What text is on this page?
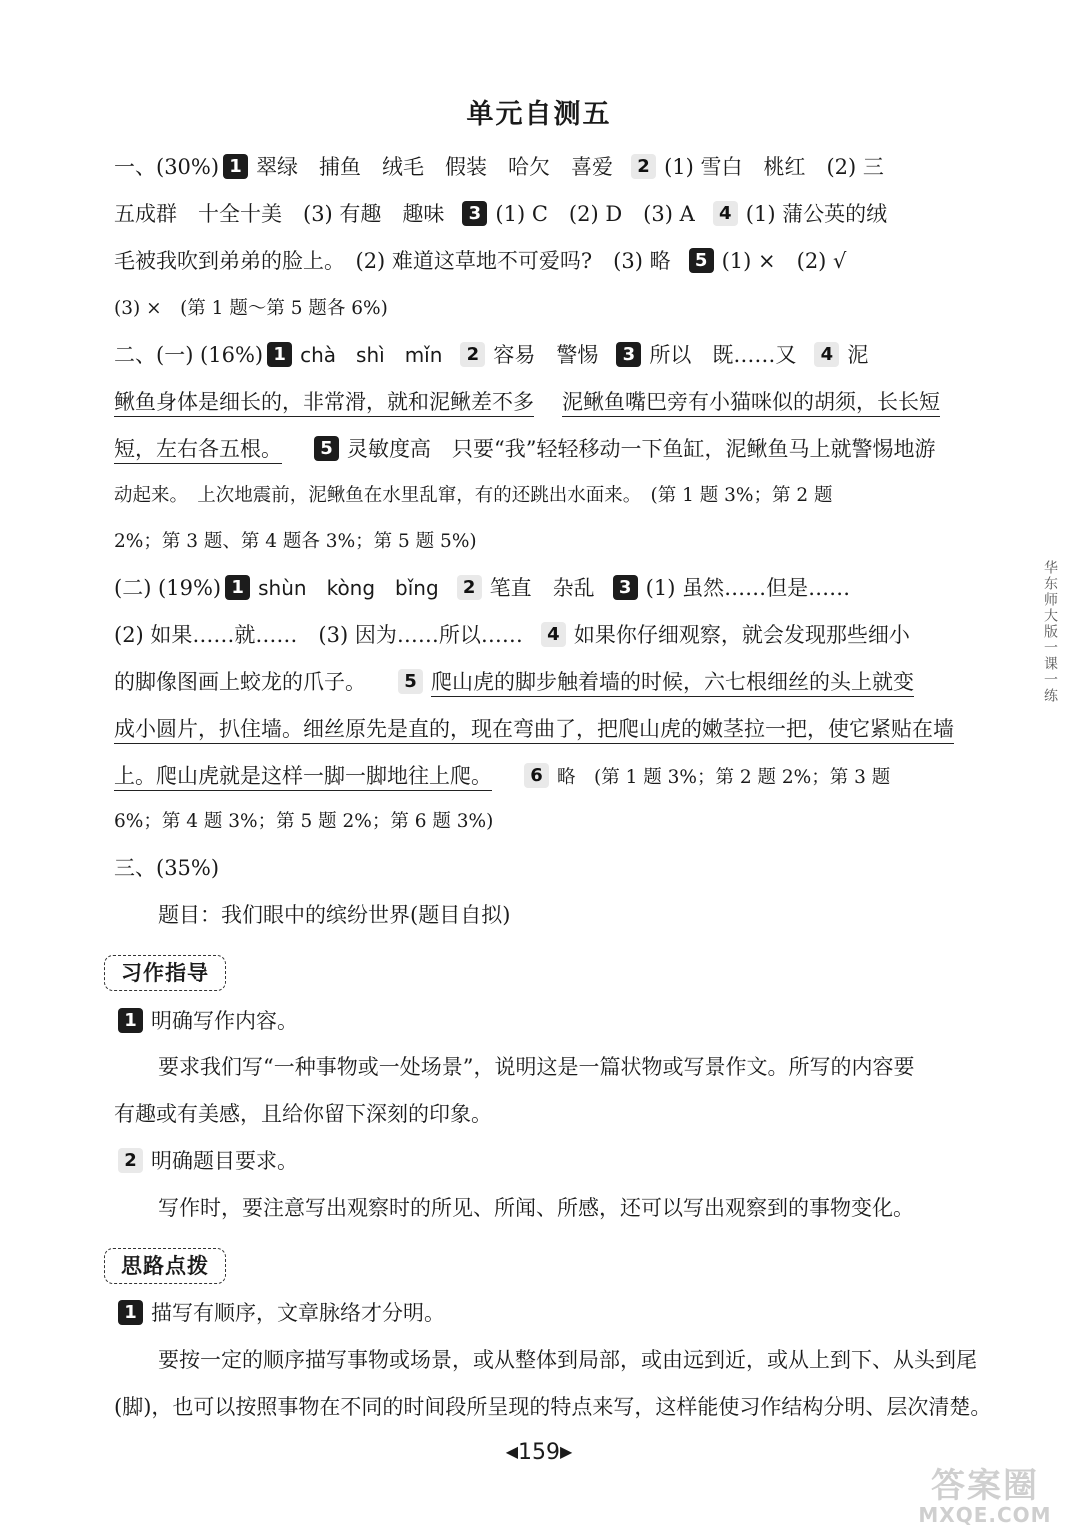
单元自测五
一、(30%) 1 翠绿　捕鱼　绒毛　假装　哈欠　喜爱 2 (1) 雪白　桃红　(2) 三
五成群　十全十美　(3) 有趣　趣味 3 (1) C　(2) D　(3) A 4 (1) 蒲公英的绒
毛被我吹到弟弟的脸上。　(2) 难道这草地不可爱吗?　(3) 略 5 (1) ×　(2) √
(3) ×　(第 1 题～第 5 题各 6%)
二、(一) (16%) 1 chà　shì　mǐn 2 容易　警惕 3 所以　既……又 4 泥
鳅鱼身体是细长的，非常滑，就和泥鳅差不多 泥鳅鱼嘴巴旁有小猫咪似的胡须，长长短
短，左右各五根。 5 灵敏度高　只要“我”轻轻移动一下鱼缸，泥鳅鱼马上就警惕地游
动起来。　上次地震前，泥鳅鱼在水里乱窜，有的还跳出水面来。　(第 1 题 3%；第 2 题
2%；第 3 题、第 4 题各 3%；第 5 题 5%)
(二) (19%) 1 shùn　kòng　bǐng 2 笔直　杂乱 3 (1) 虽然……但是……
(2) 如果……就……　(3) 因为……所以…… 4 如果你仔细观察，就会发现那些细小
的脚像图画上蛟龙的爪子。 5 爬山虎的脚步触着墙的时候，六七根细丝的头上就变
成小圆片，扒住墙。细丝原先是直的，现在弯曲了，把爬山虎的嫩茎拉一把，使它紧贴在墙
上。爬山虎就是这样一脚一脚地往上爬。 6 略　(第 1 题 3%；第 2 题 2%；第 3 题
6%；第 4 题 3%；第 5 题 2%；第 6 题 3%)
三、(35%)
题目：我们眼中的缤纷世界(题目自拟)
习作指导
1 明确写作内容。
要求我们写“一种事物或一处场景”，说明这是一篇状物或写景作文。所写的内容要
有趣或有美感，且给你留下深刻的印象。
2 明确题目要求。
写作时，要注意写出观察时的所见、所闻、所感，还可以写出观察到的事物变化。
思路点拨
1 描写有顺序，文章脉络才分明。
要按一定的顺序描写事物或场景，或从整体到局部，或由远到近，或从上到下、从头到尾
(脚)，也可以按照事物在不同的时间段所呈现的特点来写，这样能使习作结构分明、层次清楚。
华东师大版一课一练
◀159▶
答案圈
MXQE.COM
